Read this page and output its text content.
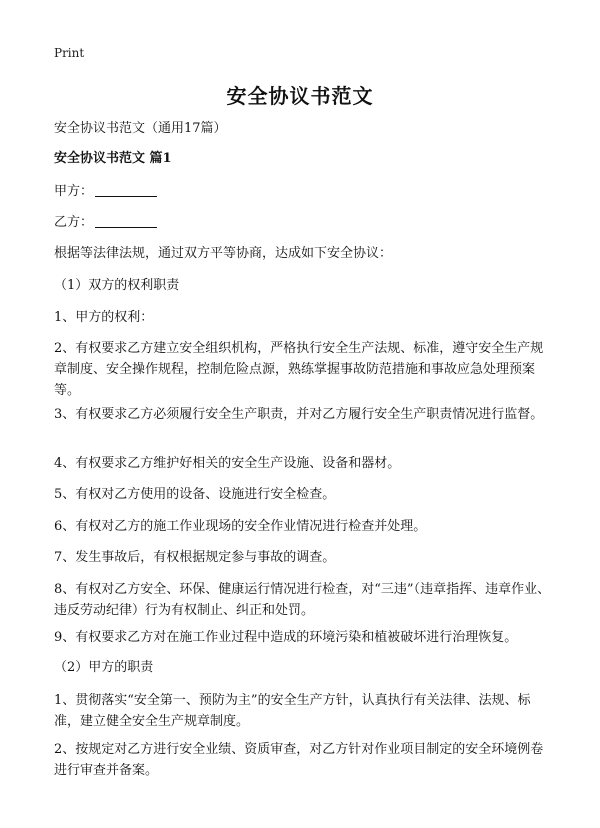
Print
安全协议书范文
安全协议书范文（通用17篇）
安全协议书范文 篇1
甲方：
乙方：
根据等法律法规，通过双方平等协商，达成如下安全协议：
（1）双方的权利职责
1、甲方的权利：
2、有权要求乙方建立安全组织机构，严格执行安全生产法规、标准，遵守安全生产规章制度、安全操作规程，控制危险点源，熟练掌握事故防范措施和事故应急处理预案等。
3、有权要求乙方必须履行安全生产职责，并对乙方履行安全生产职责情况进行监督。
4、有权要求乙方维护好相关的安全生产设施、设备和器材。
5、有权对乙方使用的设备、设施进行安全检查。
6、有权对乙方的施工作业现场的安全作业情况进行检查并处理。
7、发生事故后，有权根据规定参与事故的调查。
8、有权对乙方安全、环保、健康运行情况进行检查，对“三违”（违章指挥、违章作业、违反劳动纪律）行为有权制止、纠正和处罚。
9、有权要求乙方对在施工作业过程中造成的环境污染和植被破坏进行治理恢复。
（2）甲方的职责
1、贯彻落实“安全第一、预防为主”的安全生产方针，认真执行有关法律、法规、标准，建立健全安全生产规章制度。
2、按规定对乙方进行安全业绩、资质审查，对乙方针对作业项目制定的安全环境例卷进行审查并备案。
